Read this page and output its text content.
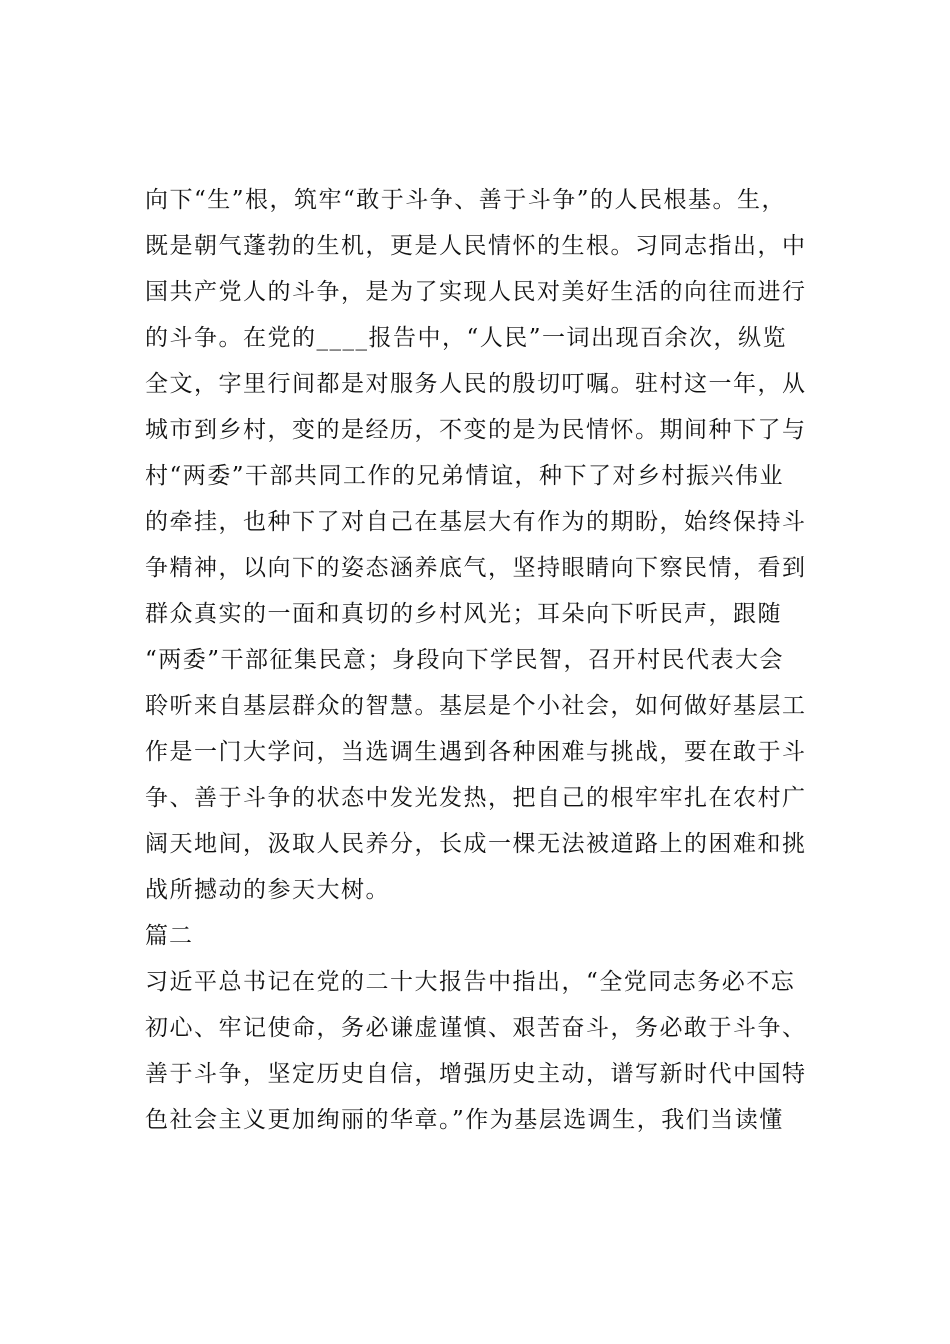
向下“生”根，筑牢“敢于斗争、善于斗争”的人民根基。生，
既是朝气蓬勃的生机，更是人民情怀的生根。习同志指出，中
国共产党人的斗争，是为了实现人民对美好生活的向往而进行
的斗争。在党的____报告中，“人民”一词出现百余次，纵览
全文，字里行间都是对服务人民的殷切叮嘱。驻村这一年，从
城市到乡村，变的是经历，不变的是为民情怀。期间种下了与
村“两委”干部共同工作的兄弟情谊，种下了对乡村振兴伟业
的牵挂，也种下了对自己在基层大有作为的期盼，始终保持斗
争精神，以向下的姿态涵养底气，坚持眼睛向下察民情，看到
群众真实的一面和真切的乡村风光；耳朵向下听民声，跟随
“两委”干部征集民意；身段向下学民智，召开村民代表大会
聆听来自基层群众的智慧。基层是个小社会，如何做好基层工
作是一门大学问，当选调生遇到各种困难与挑战，要在敢于斗
争、善于斗争的状态中发光发热，把自己的根牢牢扎在农村广
阔天地间，汲取人民养分，长成一棵无法被道路上的困难和挑
战所撼动的参天大树。
篇二
习近平总书记在党的二十大报告中指出，“全党同志务必不忘
初心、牢记使命，务必谦虚谨慎、艰苦奋斗，务必敢于斗争、
善于斗争，坚定历史自信，增强历史主动，谱写新时代中国特
色社会主义更加绚丽的华章。”作为基层选调生，我们当读懂
